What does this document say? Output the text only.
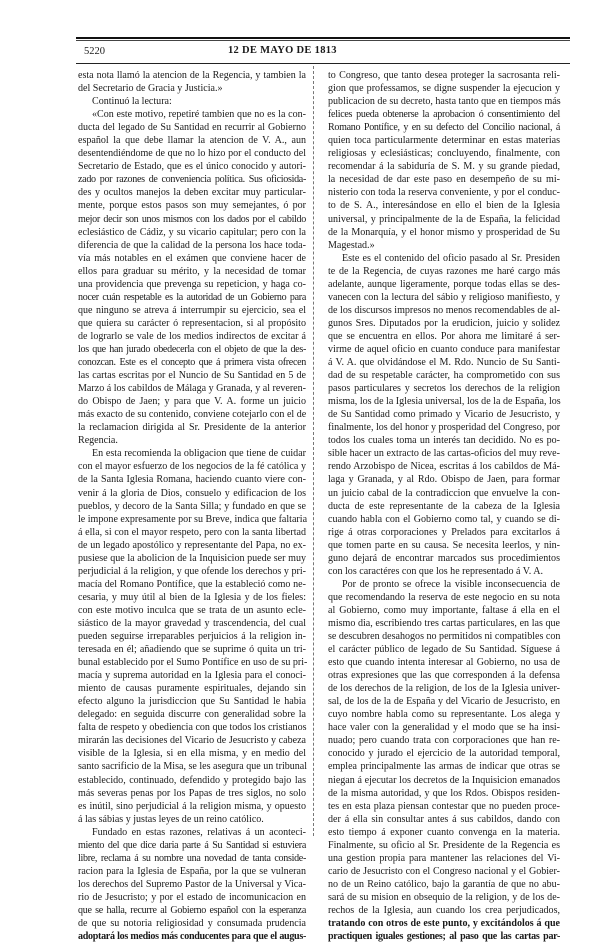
5220	12 DE MAYO DE 1813
esta nota llamó la atencion de la Regencia, y tambien la
del Secretario de Gracia y Justicia.»
Continuó la lectura:
«Con este motivo, repetiré tambien que no es la con-
ducta del legado de Su Santidad en recurrir al Gobierno
español la que debe llamar la atencion de V. A., aun
desentendiéndome de que no lo hizo por el conducto del
Secretario de Estado, que es el único conocido y autori-
zado por razones de conveniencia política. Sus oficiosida-
des y ocultos manejos la deben excitar muy particular-
mente, porque estos pasos son muy semejantes, ó por
mejor decir son unos mismos con los dados por el cabildo
eclesiástico de Cádiz, y su vicario capitular; pero con la
diferencia de que la calidad de la persona los hace toda-
vía más notables en el exámen que conviene hacer de
ellos para graduar su mérito, y la necesidad de tomar
una providencia que prevenga su repeticion, y haga co-
nocer cuán respetable es la autoridad de un Gobierno para
que ninguno se atreva á interrumpir su ejercicio, sea el
que quiera su carácter ó representacion, si al propósito
de lograrlo se vale de los medios indirectos de excitar á
los que han jurado obedecerla con el objeto de que la des-
conozcan. Este es el concepto que á primera vista ofrecen
las cartas escritas por el Nuncio de Su Santidad en 5 de
Marzo á los cabildos de Málaga y Granada, y al reveren-
do Obispo de Jaen; y para que V. A. forme un juicio
más exacto de su contenido, conviene cotejarlo con el de
la reclamacion dirigida al Sr. Presidente de la anterior
Regencia.
En esta recomienda la obligacion que tiene de cuidar
con el mayor esfuerzo de los negocios de la fé católica y
de la Santa Iglesia Romana, haciendo cuanto viere con-
venir á la gloria de Dios, consuelo y edificacion de los
pueblos, y decoro de la Santa Silla; y fundado en que se
le impone expresamente por su Breve, indica que faltaria
á ella, si con el mayor respeto, pero con la santa libertad
de un legado apostólico y representante del Papa, no ex-
pusiese que la abolicion de la Inquisicion puede ser muy
perjudicial á la religion, y que ofende los derechos y pri-
macía del Romano Pontífice, que la estableció como ne-
cesaria, y muy útil al bien de la Iglesia y de los fieles:
con este motivo inculca que se trata de un asunto ecle-
siástico de la mayor gravedad y trascendencia, del cual
pueden seguirse irreparables perjuicios á la religion in-
teresada en él; añadiendo que se suprime ó quita un tri-
bunal establecido por el Sumo Pontífice en uso de su pri-
macía y suprema autoridad en la Iglesia para el conoci-
miento de causas puramente espirituales, dejando sin
efecto alguno la jurisdiccion que Su Santidad le habia
delegado: en seguida discurre con generalidad sobre la
falta de respeto y obediencia con que todos los cristianos
mirarán las decisiones del Vicario de Jesucristo y cabeza
visible de la Iglesia, si en ella misma, y en medio del
santo sacrificio de la Misa, se les asegura que un tribunal
establecido, continuado, defendido y protegido bajo las
más severas penas por los Papas de tres siglos, no solo
es inútil, sino perjudicial á la religion misma, y opuesto
á las sábias y justas leyes de un reino católico.
Fundado en estas razones, relativas á un aconteci-
miento del que dice daria parte á Su Santidad si estuviera
libre, reclama á su nombre una novedad de tanta conside-
racion para la Iglesia de España, por la que se vulneran
los derechos del Supremo Pastor de la Universal y Vica-
rio de Jesucristo; y por el estado de incomunicacion en
que se halla, recurre al Gobierno español con la esperanza
de que su notoria religiosidad y consumada prudencia
adoptará los medios más conducentes para que el augus-
to Congreso, que tanto desea proteger la sacrosanta reli-
gion que professamos, se digne suspender la ejecucion y
publicacion de su decreto, hasta tanto que en tiempos más
felices pueda obtenerse la aprobacion ó consentimiento del
Romano Pontífice, y en su defecto del Concilio nacional, á
quien toca particularmente determinar en estas materias
religiosas y eclesiásticas; concluyendo, finalmente, con
recomendar á la sabiduría de S. M. y su grande piedad,
la necesidad de dar este paso en desempeño de su mi-
nisterio con toda la reserva conveniente, y por el conduc-
to de S. A., interesándose en ello el bien de la Iglesia
universal, y principalmente de la de España, la felicidad
de la Monarquía, y el honor mismo y prosperidad de Su
Magestad.»
Este es el contenido del oficio pasado al Sr. Presiden
te de la Regencia, de cuyas razones me haré cargo más
adelante, aunque ligeramente, porque todas ellas se des-
vanecen con la lectura del sábio y religioso manifiesto, y
de los discursos impresos no menos recomendables de al-
gunos Sres. Diputados por la erudicion, juicio y solidez
que se encuentra en ellos. Por ahora me limitaré á ser-
virme de aquel oficio en cuanto conduce para manifestar
á V. A. que olvidándose el M. Rdo. Nuncio de Su Santi-
dad de su respetable carácter, ha comprometido con sus
pasos particulares y secretos los derechos de la religion
misma, los de la Iglesia universal, los de la de España, los
de Su Santidad como primado y Vicario de Jesucristo, y
finalmente, los del honor y prosperidad del Congreso, por
todos los cuales toma un interés tan decidido. No es po-
sible hacer un extracto de las cartas-oficios del muy reve-
rendo Arzobispo de Nicea, escritas á los cabildos de Má-
laga y Granada, y al Rdo. Obispo de Jaen, para formar
un juicio cabal de la contradiccion que envuelve la con-
ducta de este representante de la cabeza de la Iglesia
cuando habla con el Gobierno como tal, y cuando se di-
rige á otras corporaciones y Prelados para excitarlos á
que tomen parte en su causa. Se necesita leerlos, y nin-
guno dejará de encontrar marcados sus procedimientos
con los caractéres con que los he representado á V. A.
Por de pronto se ofrece la visible inconsecuencia de
que recomendando la reserva de este negocio en su nota
al Gobierno, como muy importante, faltase á ella en el
mismo dia, escribiendo tres cartas particulares, en las que
se descubren desahogos no permitidos ni compatibles con
el carácter público de legado de Su Santidad. Síguese á
esto que cuando intenta interesar al Gobierno, no usa de
otras expresiones que las que corresponden á la defensa
de los derechos de la religion, de los de la Iglesia univer-
sal, de los de la de España y del Vicario de Jesucristo, en
cuyo nombre habla como su representante. Los alega y
hace valer con la generalidad y el modo que se ha insi-
nuado; pero cuando trata con corporaciones que han re-
conocido y jurado el ejercicio de la autoridad temporal,
emplea principalmente las armas de indicar que otras se
niegan á ejecutar los decretos de la Inquisicion emanados
de la misma autoridad, y que los Rdos. Obispos residen-
tes en esta plaza piensan contestar que no pueden proce-
der á ella sin consultar antes á sus cabildos, dando con
esto tiempo á exponer cuanto convenga en la materia.
Finalmente, su oficio al Sr. Presidente de la Regencia es
una gestion propia para mantener las relaciones del Vi-
cario de Jesucristo con el Congreso nacional y el Gobier-
no de un Reino católico, bajo la garantía de que no abu-
sará de su mision en obsequio de la religion, y de los de-
rechos de la Iglesia, aun cuando los crea perjudicados,
tratando con otros de este punto, y excitándolos á que
practiquen iguales gestiones; al paso que las cartas par-
